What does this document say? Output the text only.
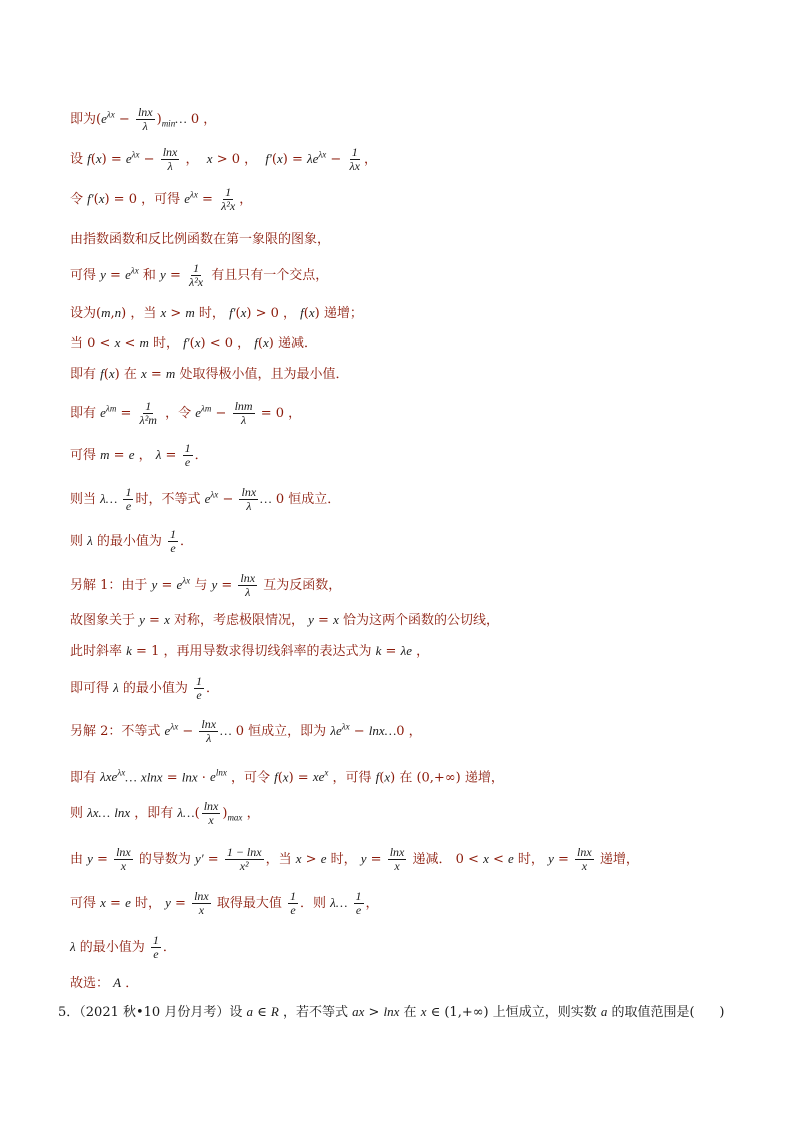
即为($e^{\lambda x} - \frac{\ln x}{\lambda}$ )$_{min}\dots$ 0 ，
设 $f(x) = e^{\lambda x} - \frac{\ln x}{\lambda}$ ，  x > 0 ，  $f'(x) = \lambda e^{\lambda x} - \frac{1}{\lambda x}$ ，
令 f′(x) = 0 ，可得 $e^{\lambda x} = \frac{1}{\text{λ²x}}$ ，
由指数函数和反比例函数在第一象限的图象，
可得 $y = e^{\lambda x}$ 和 $y = \frac{1}{\text{λ²x}}$ 有且只有一个交点，
设为(m,n) ，当 x > m 时， f′(x) > 0 ， f(x) 递增；
当 0 < x < m 时， f′(x) < 0 ， f(x) 递减．
即有 f(x) 在 x = m 处取得极小值，且为最小值．
即有 $e^{\lambda m} = \frac{1}{\text{λ²m}}$ ，令 $e^{\lambda m} - \frac{\ln m}{\lambda} = 0$ ，
可得 m = e ， $\lambda = \frac{1}{e}$ ．
则当 λ… $\frac{1}{e}$ 时，不等式 $e^{\lambda x} - \frac{\ln x}{\lambda}$ … 0 恒成立．
则 λ 的最小值为 $\frac{1}{e}$ ．
另解 1：由于 $y = e^{\lambda x}$ 与 $y = \frac{\ln x}{\lambda}$ 互为反函数，
故图象关于 y = x 对称，考虑极限情况， y = x 恰为这两个函数的公切线，
此时斜率 k = 1 ，再用导数求得切线斜率的表达式为 k = λe ，
即可得 λ 的最小值为 $\frac{1}{e}$ ．
另解 2：不等式 $e^{\lambda x} - \frac{\ln x}{\lambda}$ … 0 恒成立，即为 $\lambda e^{\lambda x}$ − lnx…0 ，
即有 λxe$^{\lambda x}$… $xlnx = \ln x \cdot e^{lnx}$ ，可令 $f(x) = xe^x$ ，可得 f(x) 在 (0,+∞) 递增，
则 λx… lnx ，即有 λ…( $\frac{\ln x}{x} )_{max}$ ，
由 $y = \frac{\ln x}{x}$ 的导数为 $y' = \frac{1 - \ln x}{\text{x²}}$ ，当 x > e 时， $y = \frac{\ln x}{x}$ 递减． 0 < x < e 时， $y = \frac{\ln x}{x}$ 递增，
可得 x = e 时， $y = \frac{\ln x}{x}$ 取得最大值 $\frac{1}{e}$ ．则 λ… $\frac{1}{e}$ ，
λ 的最小值为 $\frac{1}{e}$ ．
故选： A ．
5．（2021 秋•10 月份月考）设 a ∈ R ，若不等式 ax > lnx 在 x ∈ (1,+∞) 上恒成立，则实数 a 的取值范围是(      )
